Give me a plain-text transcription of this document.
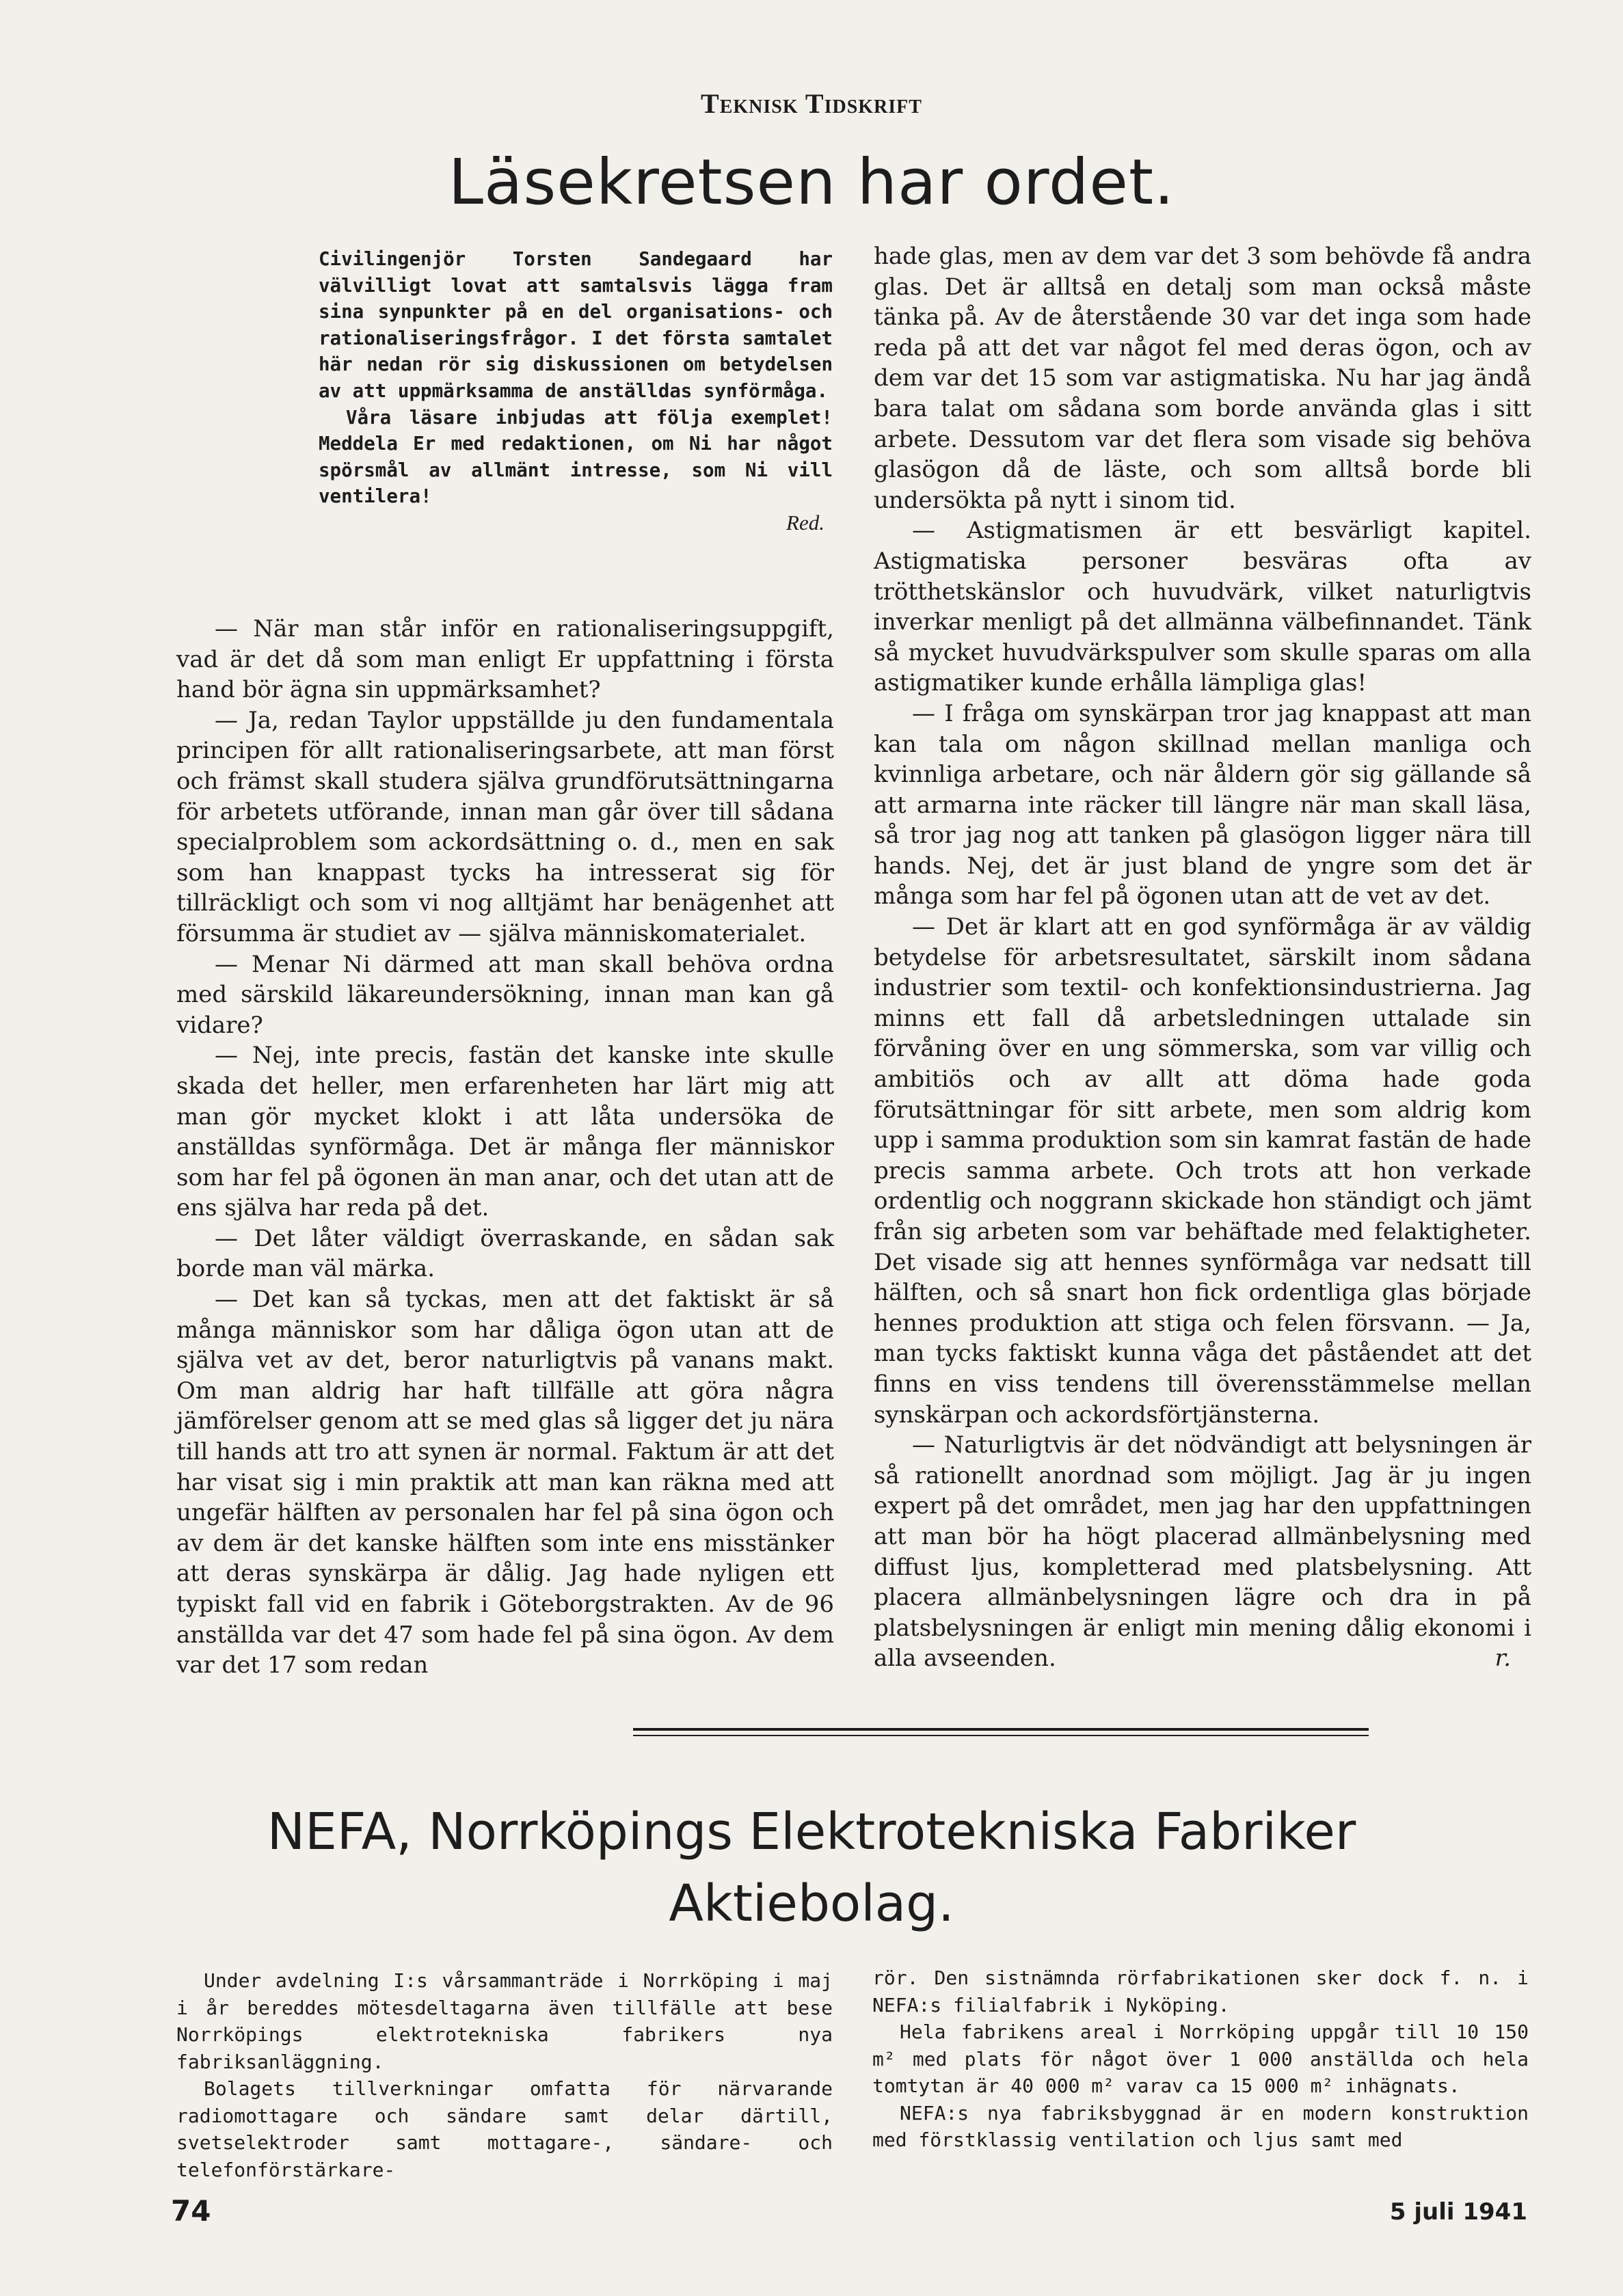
Teknisk Tidskrift
Läsekretsen har ordet.

Civilingenjör Torsten Sandegaard har välvilligt lovat att samtalsvis lägga fram sina synpunkter på en del organisations- och rationaliseringsfrågor. I det första samtalet här nedan rör sig diskussionen om betydelsen av att uppmärksamma de anställdas synförmåga.

Våra läsare inbjudas att följa exemplet! Meddela Er med redaktionen, om Ni har något spörsmål av allmänt intresse, som Ni vill ventilera!

Red.

— När man står inför en rationaliseringsuppgift, vad är det då som man enligt Er uppfattning i första hand bör ägna sin uppmärksamhet?

— Ja, redan Taylor uppställde ju den fundamentala principen för allt rationaliseringsarbete, att man först och främst skall studera själva grundförutsättningarna för arbetets utförande, innan man går över till sådana specialproblem som ackordsättning o. d., men en sak som han knappast tycks ha intresserat sig för tillräckligt och som vi nog alltjämt har benägenhet att försumma är studiet av — själva människomaterialet.

— Menar Ni därmed att man skall behöva ordna med särskild läkareundersökning, innan man kan gå vidare?

— Nej, inte precis, fastän det kanske inte skulle skada det heller, men erfarenheten har lärt mig att man gör mycket klokt i att låta undersöka de anställdas synförmåga. Det är många fler människor som har fel på ögonen än man anar, och det utan att de ens själva har reda på det.

— Det låter väldigt överraskande, en sådan sak borde man väl märka.

— Det kan så tyckas, men att det faktiskt är så många människor som har dåliga ögon utan att de själva vet av det, beror naturligtvis på vanans makt. Om man aldrig har haft tillfälle att göra några jämförelser genom att se med glas så ligger det ju nära till hands att tro att synen är normal. Faktum är att det har visat sig i min praktik att man kan räkna med att ungefär hälften av personalen har fel på sina ögon och av dem är det kanske hälften som inte ens misstänker att deras synskärpa är dålig. Jag hade nyligen ett typiskt fall vid en fabrik i Göteborgstrakten. Av de 96 anställda var det 47 som hade fel på sina ögon. Av dem var det 17 som redan

hade glas, men av dem var det 3 som behövde få andra glas. Det är alltså en detalj som man också måste tänka på. Av de återstående 30 var det inga som hade reda på att det var något fel med deras ögon, och av dem var det 15 som var astigmatiska. Nu har jag ändå bara talat om sådana som borde använda glas i sitt arbete. Dessutom var det flera som visade sig behöva glasögon då de läste, och som alltså borde bli undersökta på nytt i sinom tid.

— Astigmatismen är ett besvärligt kapitel. Astigmatiska personer besväras ofta av trötthetskänslor och huvudvärk, vilket naturligtvis inverkar menligt på det allmänna välbefinnandet. Tänk så mycket huvudvärkspulver som skulle sparas om alla astigmatiker kunde erhålla lämpliga glas!

— I fråga om synskärpan tror jag knappast att man kan tala om någon skillnad mellan manliga och kvinnliga arbetare, och när åldern gör sig gällande så att armarna inte räcker till längre när man skall läsa, så tror jag nog att tanken på glasögon ligger nära till hands. Nej, det är just bland de yngre som det är många som har fel på ögonen utan att de vet av det.

— Det är klart att en god synförmåga är av väldig betydelse för arbetsresultatet, särskilt inom sådana industrier som textil- och konfektionsindustrierna. Jag minns ett fall då arbetsledningen uttalade sin förvåning över en ung sömmerska, som var villig och ambitiös och av allt att döma hade goda förutsättningar för sitt arbete, men som aldrig kom upp i samma produktion som sin kamrat fastän de hade precis samma arbete. Och trots att hon verkade ordentlig och noggrann skickade hon ständigt och jämt från sig arbeten som var behäftade med felaktigheter. Det visade sig att hennes synförmåga var nedsatt till hälften, och så snart hon fick ordentliga glas började hennes produktion att stiga och felen försvann. — Ja, man tycks faktiskt kunna våga det påståendet att det finns en viss tendens till överensstämmelse mellan synskärpan och ackordsförtjänsterna.

— Naturligtvis är det nödvändigt att belysningen är så rationellt anordnad som möjligt. Jag är ju ingen expert på det området, men jag har den uppfattningen att man bör ha högt placerad allmänbelysning med diffust ljus, kompletterad med platsbelysning. Att placera allmänbelysningen lägre och dra in på platsbelysningen är enligt min mening dålig ekonomi i alla avseenden.	r.

NEFA, Norrköpings Elektrotekniska Fabriker
Aktiebolag.

Under avdelning I:s vårsammanträde i Norrköping i maj i år bereddes mötesdeltagarna även tillfälle att bese Norrköpings elektrotekniska fabrikers nya fabriksanläggning.

Bolagets tillverkningar omfatta för närvarande radiomottagare och sändare samt delar därtill, svetselektroder samt mottagare-, sändare- och telefonförstärkare-

rör. Den sistnämnda rörfabrikationen sker dock f. n. i NEFA:s filialfabrik i Nyköping.

Hela fabrikens areal i Norrköping uppgår till 10 150 m² med plats för något över 1 000 anställda och hela tomtytan är 40 000 m² varav ca 15 000 m² inhägnats.

NEFA:s nya fabriksbyggnad är en modern konstruktion med förstklassig ventilation och ljus samt med

74	5 juli 1941
